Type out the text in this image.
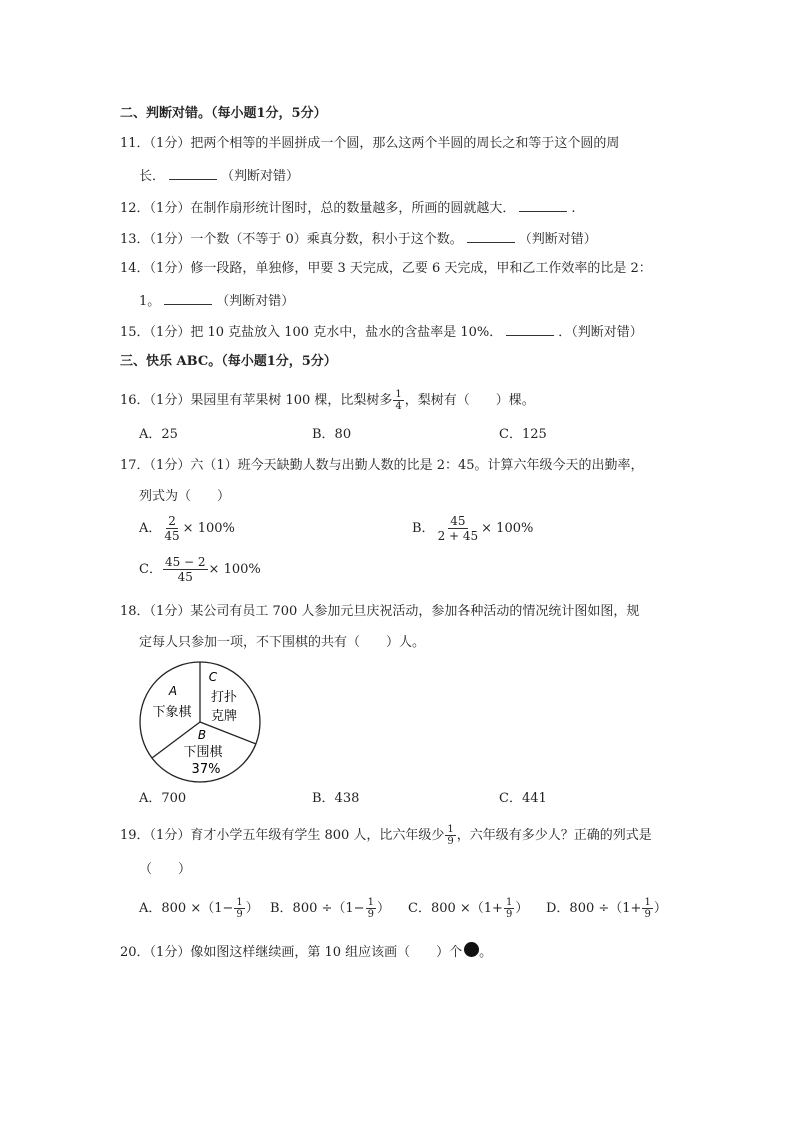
二、判断对错。（每小题1分，5分）
11．（1分）把两个相等的半圆拼成一个圆，那么这两个半圆的周长之和等于这个圆的周
长．	（判断对错）
12．（1分）在制作扇形统计图时，总的数量越多，所画的圆就越大．	.
13．（1分）一个数（不等于 0）乘真分数，积小于这个数。	（判断对错）
14．（1分）修一段路，单独修，甲要 3 天完成，乙要 6 天完成，甲和乙工作效率的比是 2：
1。	（判断对错）
15．（1分）把 10 克盐放入 100 克水中，盐水的含盐率是 10%．	．（判断对错）
三、快乐 ABC。（每小题1分，5分）
16．（1分）果园里有苹果树 100 棵，比梨树多 $\frac{1}{4}$ ，梨树有（　　）棵。
A．25	B．80	C．125
17．（1分）六（1）班今天缺勤人数与出勤人数的比是 2：45。计算六年级今天的出勤率，
列式为（　　）
A． $\frac{2}{45} \times 100\%$	B． $\frac{45}{2 + 45} \times 100\%$
C． $\frac{45 - 2}{45} \times 100\%$
18．（1分）某公司有员工 700 人参加元旦庆祝活动，参加各种活动的情况统计图如图，规
定每人只参加一项，不下围棋的共有（　　）人。
A
下象棋
C
打扑
克牌
B
下围棋
37%
A．700	B．438	C．441
19．（1分）育才小学五年级有学生 800 人，比六年级少 $\frac{1}{9}$ ，六年级有多少人？正确的列式是
（　　）
A．$800 \times(1- \frac{1}{9}$ ） B．$800 \div(1- \frac{1}{9}$ ） C．$800 \times(1+ \frac{1}{9}$ ） D．$800 \div(1+ \frac{1}{9}$ ）
20．（1分）像如图这样继续画，第 10 组应该画（　　）个 。
